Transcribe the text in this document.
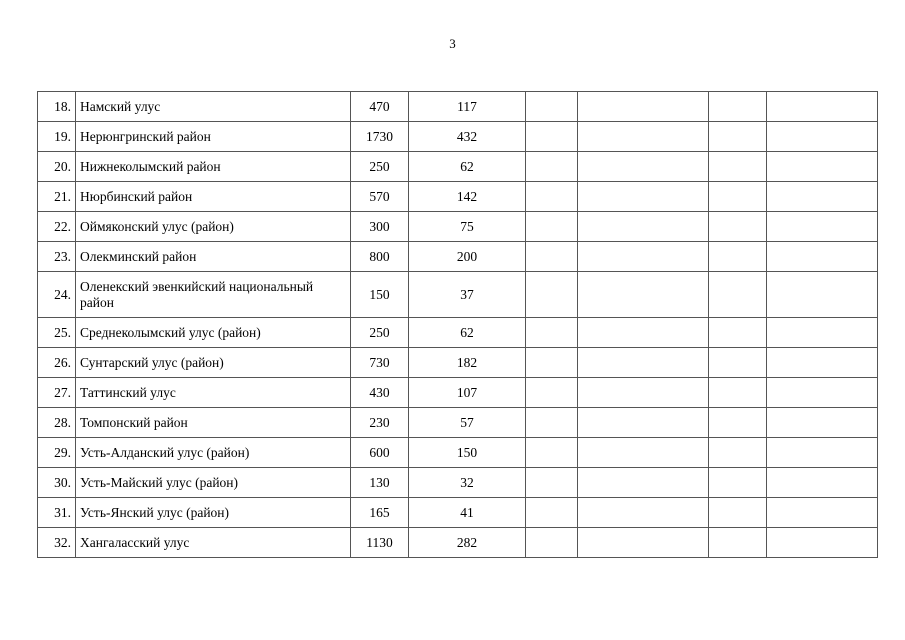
3
18.	Намский улус	470	117				
19.	Нерюнгринский район	1730	432				
20.	Нижнеколымский район	250	62				
21.	Нюрбинский район	570	142				
22.	Оймяконский улус (район)	300	75				
23.	Олекминский район	800	200				
24.	Оленекский эвенкийский национальный район	150	37				
25.	Среднеколымский улус (район)	250	62				
26.	Сунтарский улус (район)	730	182				
27.	Таттинский улус	430	107				
28.	Томпонский район	230	57				
29.	Усть-Алданский улус (район)	600	150				
30.	Усть-Майский улус (район)	130	32				
31.	Усть-Янский улус (район)	165	41				
32.	Хангаласский улус	1130	282				
